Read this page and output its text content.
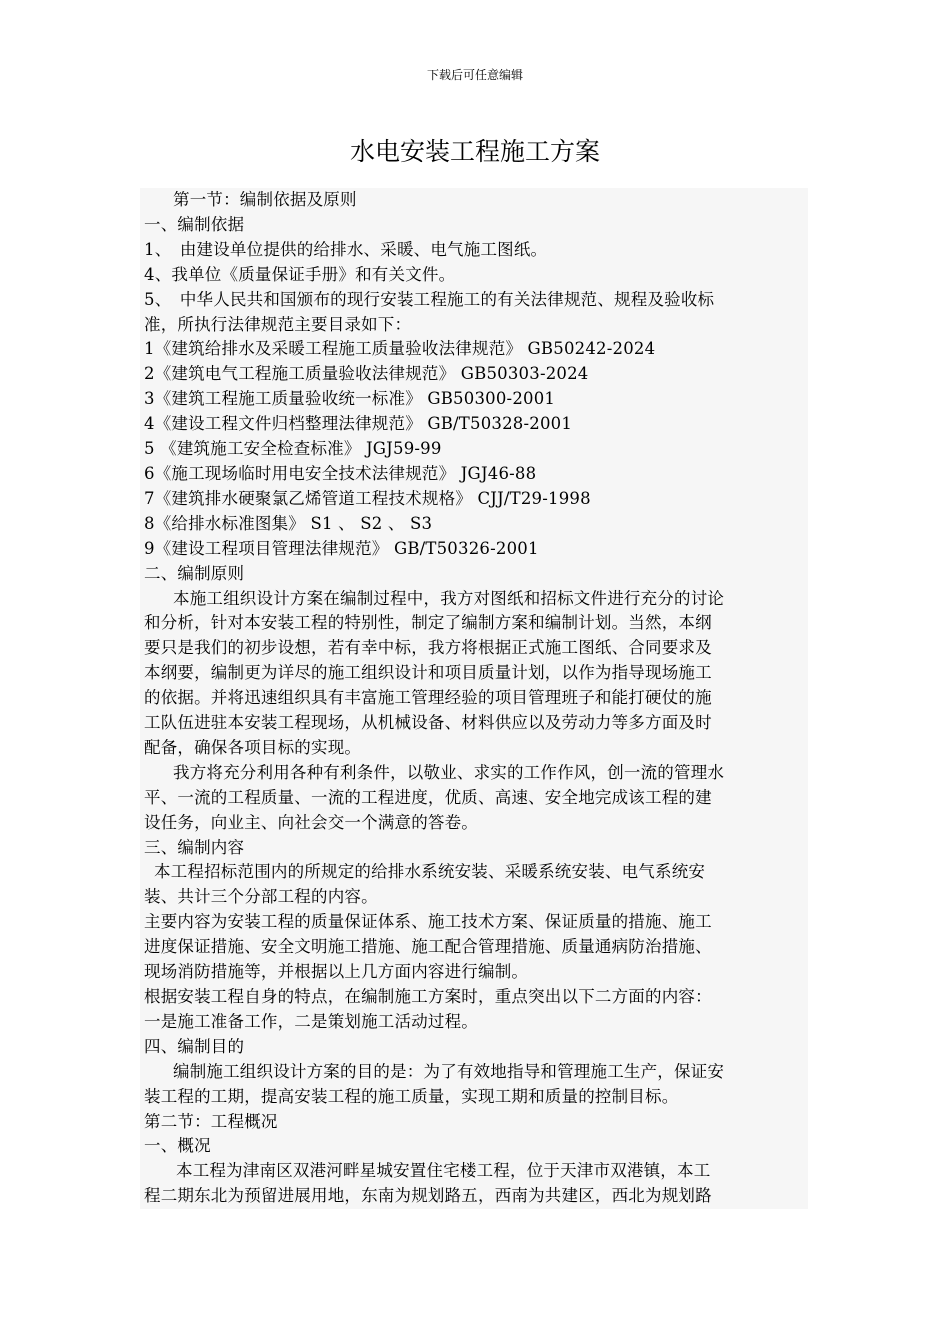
下载后可任意编辑
水电安装工程施工方案
第一节：编制依据及原则
一、编制依据
1、　由建设单位提供的给排水、采暖、电气施工图纸。
4、我单位《质量保证手册》和有关文件。
5、　中华人民共和国颁布的现行安装工程施工的有关法律规范、规程及验收标
准，所执行法律规范主要目录如下：
1《建筑给排水及采暖工程施工质量验收法律规范》 GB50242-2024
2《建筑电气工程施工质量验收法律规范》 GB50303-2024
3《建筑工程施工质量验收统一标准》 GB50300-2001
4《建设工程文件归档整理法律规范》 GB/T50328-2001
5 《建筑施工安全检查标准》 JGJ59-99
6《施工现场临时用电安全技术法律规范》 JGJ46-88
7《建筑排水硬聚氯乙烯管道工程技术规格》 CJJ/T29-1998
8《给排水标准图集》 S1 、 S2 、 S3
9《建设工程项目管理法律规范》 GB/T50326-2001
二、编制原则
本施工组织设计方案在编制过程中，我方对图纸和招标文件进行充分的讨论
和分析，针对本安装工程的特别性，制定了编制方案和编制计划。当然，本纲
要只是我们的初步设想，若有幸中标，我方将根据正式施工图纸、合同要求及
本纲要，编制更为详尽的施工组织设计和项目质量计划，以作为指导现场施工
的依据。并将迅速组织具有丰富施工管理经验的项目管理班子和能打硬仗的施
工队伍进驻本安装工程现场，从机械设备、材料供应以及劳动力等多方面及时
配备，确保各项目标的实现。
我方将充分利用各种有利条件，以敬业、求实的工作作风，创一流的管理水
平、一流的工程质量、一流的工程进度，优质、高速、安全地完成该工程的建
设任务，向业主、向社会交一个满意的答卷。
三、编制内容
本工程招标范围内的所规定的给排水系统安装、采暖系统安装、电气系统安
装、共计三个分部工程的内容。
主要内容为安装工程的质量保证体系、施工技术方案、保证质量的措施、施工
进度保证措施、安全文明施工措施、施工配合管理措施、质量通病防治措施、
现场消防措施等，并根据以上几方面内容进行编制。
根据安装工程自身的特点，在编制施工方案时，重点突出以下二方面的内容：
一是施工准备工作，二是策划施工活动过程。
四、编制目的
编制施工组织设计方案的目的是：为了有效地指导和管理施工生产，保证安
装工程的工期，提高安装工程的施工质量，实现工期和质量的控制目标。
第二节：工程概况
一、概况
本工程为津南区双港河畔星城安置住宅楼工程，位于天津市双港镇，本工
程二期东北为预留进展用地，东南为规划路五，西南为共建区，西北为规划路
